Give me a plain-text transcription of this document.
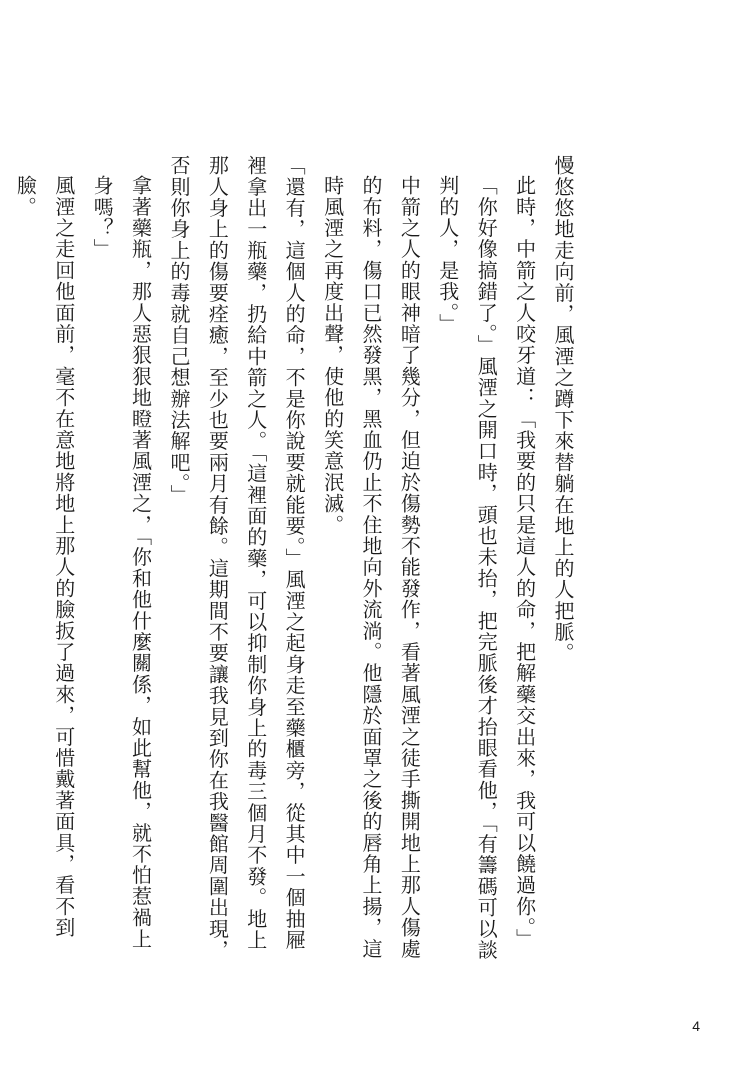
慢悠悠地走向前，風湮之蹲下來替躺在地上的人把脈。

此時，中箭之人咬牙道：「我要的只是這人的命，把解藥交出來，我可以饒過你。」

「你好像搞錯了。」風湮之開口時，頭也未抬，把完脈後才抬眼看他，「有籌碼可以談判的人，是我。」

中箭之人的眼神暗了幾分，但迫於傷勢不能發作，看著風湮之徒手撕開地上那人傷處的布料，傷口已然發黑，黑血仍止不住地向外流淌。他隱於面罩之後的唇角上揚，這時風湮之再度出聲，使他的笑意泯滅。

「還有，這個人的命，不是你說要就能要。」風湮之起身走至藥櫃旁，從其中一個抽屜裡拿出一瓶藥，扔給中箭之人。「這裡面的藥，可以抑制你身上的毒三個月不發。地上那人身上的傷要痊癒，至少也要兩月有餘。這期間不要讓我見到你在我醫館周圍出現，否則你身上的毒就自己想辦法解吧。」

拿著藥瓶，那人惡狠狠地瞪著風湮之，「你和他什麼關係，如此幫他，就不怕惹禍上身嗎？」

風湮之走回他面前，毫不在意地將地上那人的臉扳了過來，可惜戴著面具，看不到臉。

4
